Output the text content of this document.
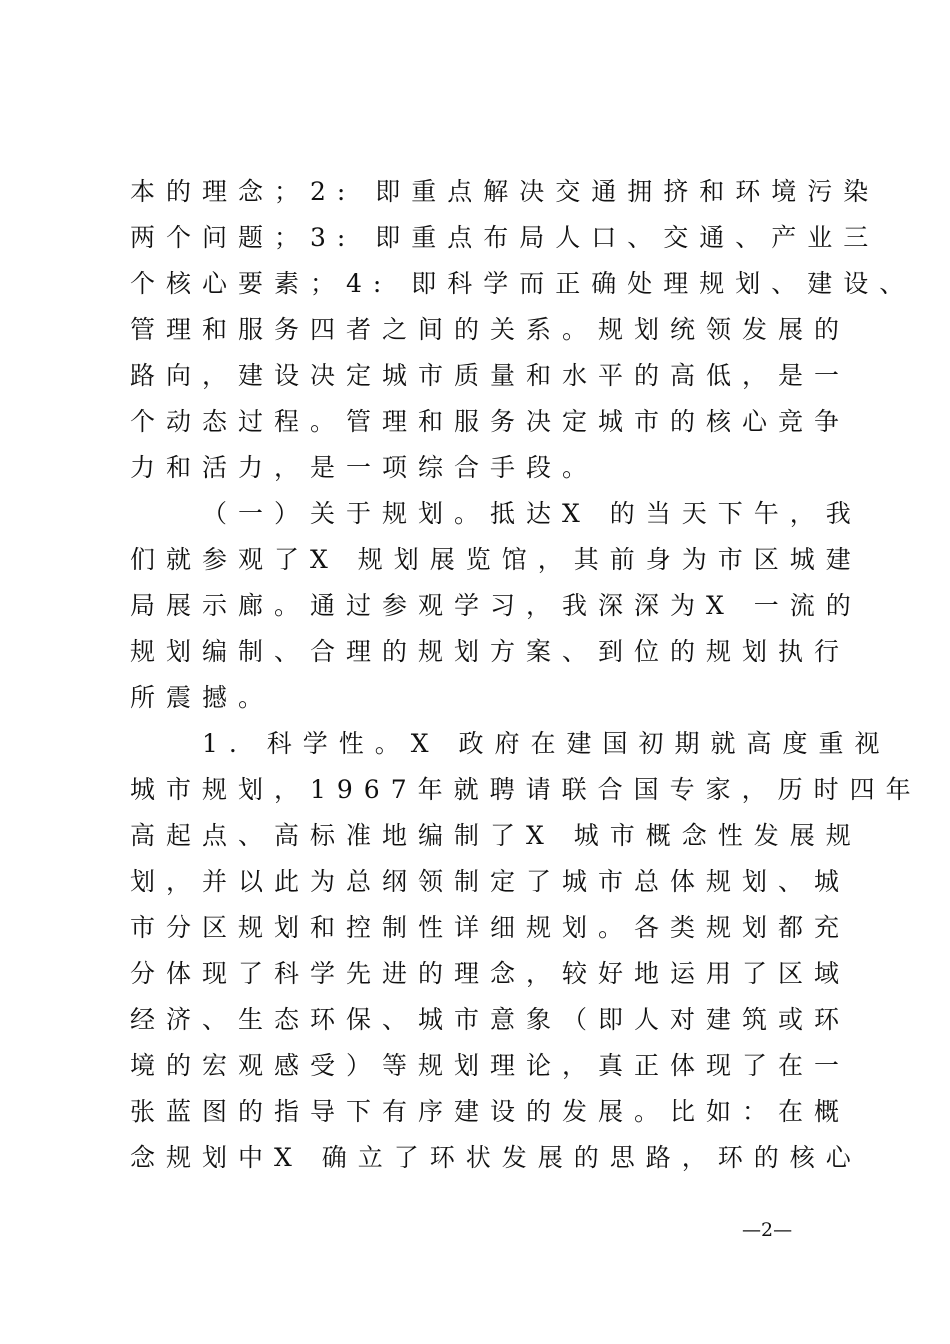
本的理念；2: 即重点解决交通拥挤和环境污染
两个问题；3: 即重点布局人口、交通、产业三
个核心要素；4: 即科学而正确处理规划、建设、
管理和服务四者之间的关系。规划统领发展的
路向，建设决定城市质量和水平的高低，是一
个动态过程。管理和服务决定城市的核心竞争
力和活力，是一项综合手段。
（一）关于规划。抵达X 的当天下午，我
们就参观了X 规划展览馆，其前身为市区城建
局展示廊。通过参观学习，我深深为X 一流的
规划编制、合理的规划方案、到位的规划执行
所震撼。
1. 科学性。X 政府在建国初期就高度重视
城市规划，1967年就聘请联合国专家，历时四年
高起点、高标准地编制了X 城市概念性发展规
划，并以此为总纲领制定了城市总体规划、城
市分区规划和控制性详细规划。各类规划都充
分体现了科学先进的理念，较好地运用了区域
经济、生态环保、城市意象（即人对建筑或环
境的宏观感受）等规划理论，真正体现了在一
张蓝图的指导下有序建设的发展。比如：在概
念规划中X 确立了环状发展的思路，环的核心
—2—
